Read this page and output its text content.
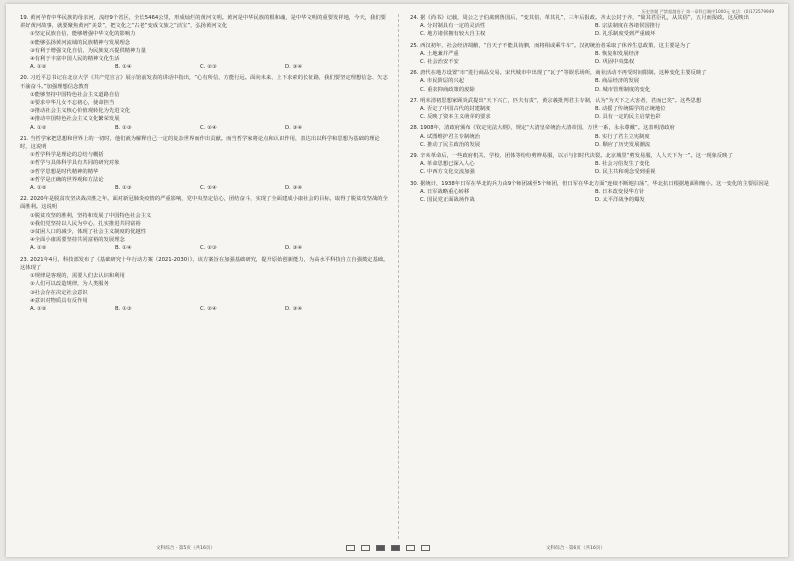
历史答题 严禁超越卷子 第一章科目顺序1000元 电话：(0)172579949
19. 黄河孕育中华民族的母亲河，流经9个省区，全长5464公里，形成灿烂的黄河文明。黄河是中华民族的根和魂，是中华文明的重要发祥地，今天，我们要讲好黄河故事，就要聚焦黄河“美景”，把文化之“古老”变成文旅之“活宝”，弘扬黄河文化
①坚定民族自信，能够增强中华文化的影响力
②能够弘扬黄河流域的民族精神与发展理念
③有利于增强文化自信，为民族复兴提供精神力量
④有利于丰富中国人民的精神文化生活
A. ①②	B. ①④	C. ②③	D. ③④
20. 习近平总书记在北京大学《共产党宣言》展示馆前发表的讲话中指出，“心有所信，方能行远。面向未来，上下求索的长征路，我们要坚定理想信念、矢志不渝奋斗。”加强理想信念教育
①能够坚持中国特色社会主义道路自信
②要求中华儿女不忘初心，使命担当
③推动社会主义核心价值观转化为先进文化
④推动中国特色社会主义文化繁荣发展
A. ①②	B. ①③	C. ②④	D. ③④
21. 当哲学家把思想和世界上的一切时，他们就为解释自己一定的复杂世界而作出贡献。而当哲学家将论点和认识作用，表达出以科学和思想为基础的理论时，这说明
①哲学科学是理论的总结与概括
②哲学与具体科学具有共同的研究对象
③哲学思想是时代精神的精华
④哲学是正确的世界观和方法论
A. ①②	B. ①③	C. ②④	D. ③④
22. 2020年是脱贫攻坚决战决胜之年。面对新冠肺炎疫情的严重影响，党中央坚定信心，团结奋斗，实现了全面建成小康社会的目标，取得了脱贫攻坚战的全面胜利。这说明
①脱贫攻坚的胜利，坚持和发展了中国特色社会主义
②我们党坚持以人民为中心，扎实推进共同富裕
③贫困人口的减少，体现了社会主义制度的优越性
④全面小康需要坚持共同富裕的发展理念
A. ①②	B. ①④	C. ②③	D. ③④
23. 2021年4月，科技部发布了《基础研究十年行动方案（2021-2030）》，该方案旨在加强基础研究，提升原始创新能力，为高水平科技自立自强奠定基础。这体现了
①规律是客观的，需要人们去认识和利用
②人们可以改造规律，为人类服务
③社会存在决定社会意识
④意识对物质具有反作用
A. ①②	B. ①③	C. ②④	D. ③④
24. 据《尚书》记载，周公之子伯禽到鲁国后，“变其俗，革其礼”，三年后报政。齐太公封于齐，“简其君臣礼，从其俗”，五月而报政。这反映出
A. 分封制具有一定的灵活性	B. 宗法制度在各诸侯国推行
C. 地方诸侯拥有较大自主权	D. 礼乐制度受到严重破坏
25. 西汉初年，社会经济凋敝，“自天子不能具钧驷，而将相或乘牛车”。汉初统治者采取了休养生息政策，这主要是为了
A. 土地兼并严重	B. 恢复和发展经济
C. 社会治安不安	D. 巩固中央集权
26. 唐代在地方设置“市”进行商品交易。宋代城市中出现了“瓦子”等娱乐场所，商业活动不再受时间限制。这种变化主要反映了
A. 市民阶层的兴起	B. 商品经济的发展
C. 重农抑商政策的废除	D. 城市管理制度的变化
27. 明末清初思想家顾炎武提出“天下兴亡，匹夫有责”，黄宗羲批判君主专制，认为“为天下之大害者，君而已矣”。这些思想
A. 否定了中国古代的封建制度	B. 动摇了传统儒学的正统地位
C. 反映了资本主义萌芽的要求	D. 具有一定的民主启蒙色彩
28. 1908年，清政府颁布《钦定宪法大纲》，规定“大清皇帝统治大清帝国，万世一系，永永尊戴”。这表明清政府
A. 试图维护君主专制统治	B. 实行了君主立宪制度
C. 推动了民主政治的发展	D. 顺应了历史发展潮流
29. 辛亥革命后，一些政府机关、学校、团体等纷纷剪辫易服，以示与旧时代决裂。北京城里“剪发易服，人人天下为一”。这一现象反映了
A. 革命思想已深入人心	B. 社会习俗发生了变化
C. 中西方文化交流加强	D. 民主共和观念受到重视
30. 据统计，1938年日军在华北的兵力由9个师团减至5个师团，但日军在华北方面“连续不断地扫荡”，华北抗日根据地面积缩小。这一变化的主要原因是
A. 日军战略重心转移	B. 日本改变侵华方针
C. 国民党正面战场作战	D. 太平洋战争的爆发
文科综合 · 第5页（共16页）	文科综合 · 第6页（共16页）
